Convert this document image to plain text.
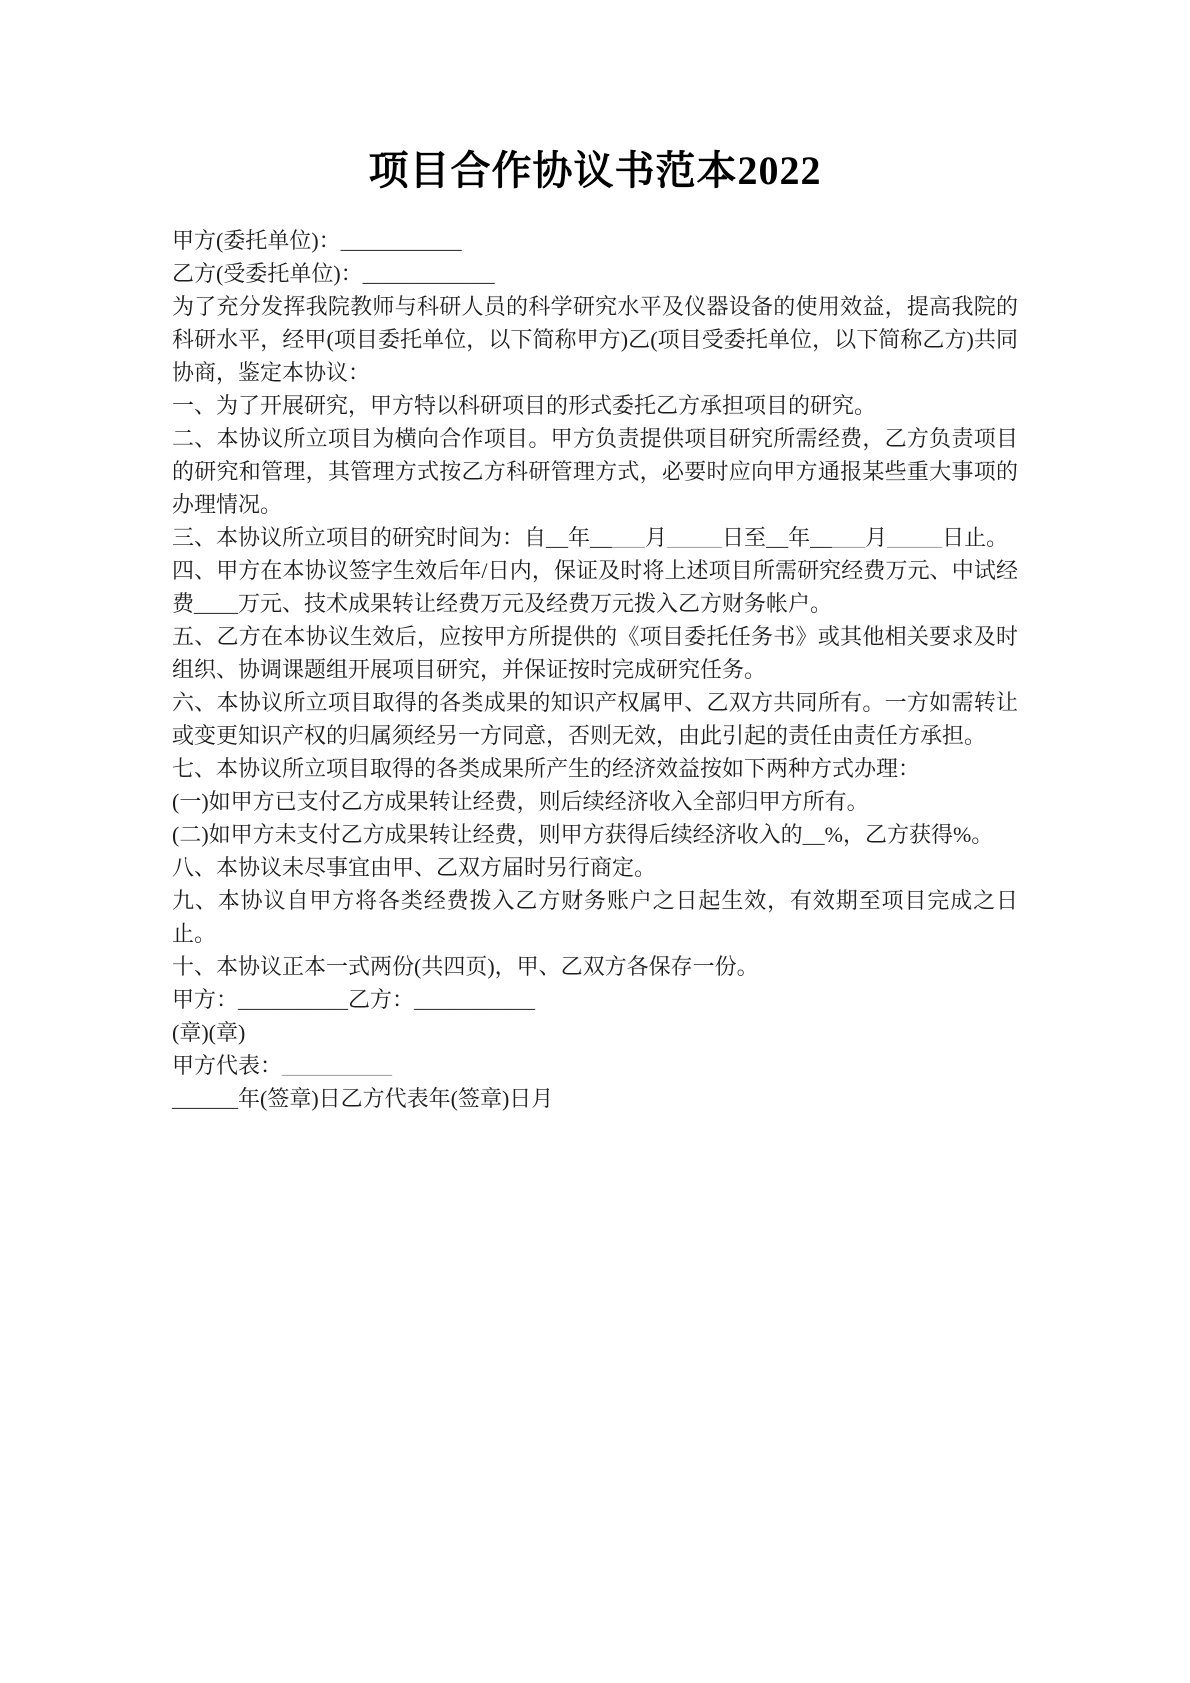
项目合作协议书范本2022

甲方(委托单位)：___________

乙方(受委托单位)：____________

为了充分发挥我院教师与科研人员的科学研究水平及仪器设备的使用效益，提高我院的科研水平，经甲(项目委托单位，以下简称甲方)乙(项目受委托单位，以下简称乙方)共同协商，鉴定本协议：

一、为了开展研究，甲方特以科研项目的形式委托乙方承担项目的研究。

二、本协议所立项目为横向合作项目。甲方负责提供项目研究所需经费，乙方负责项目的研究和管理，其管理方式按乙方科研管理方式，必要时应向甲方通报某些重大事项的办理情况。

三、本协议所立项目的研究时间为：自__年_____月_____日至__年_____月_____日止。

四、甲方在本协议签字生效后年/日内，保证及时将上述项目所需研究经费万元、中试经费____万元、技术成果转让经费万元及经费万元拨入乙方财务帐户。

五、乙方在本协议生效后，应按甲方所提供的《项目委托任务书》或其他相关要求及时组织、协调课题组开展项目研究，并保证按时完成研究任务。

六、本协议所立项目取得的各类成果的知识产权属甲、乙双方共同所有。一方如需转让或变更知识产权的归属须经另一方同意，否则无效，由此引起的责任由责任方承担。

七、本协议所立项目取得的各类成果所产生的经济效益按如下两种方式办理：

(一)如甲方已支付乙方成果转让经费，则后续经济收入全部归甲方所有。

(二)如甲方未支付乙方成果转让经费，则甲方获得后续经济收入的__%，乙方获得%。

八、本协议未尽事宜由甲、乙双方届时另行商定。

九、本协议自甲方将各类经费拨入乙方财务账户之日起生效，有效期至项目完成之日止。

十、本协议正本一式两份(共四页)，甲、乙双方各保存一份。

甲方：__________乙方：___________

(章)(章)

甲方代表：__________

______年(签章)日乙方代表年(签章)日月
